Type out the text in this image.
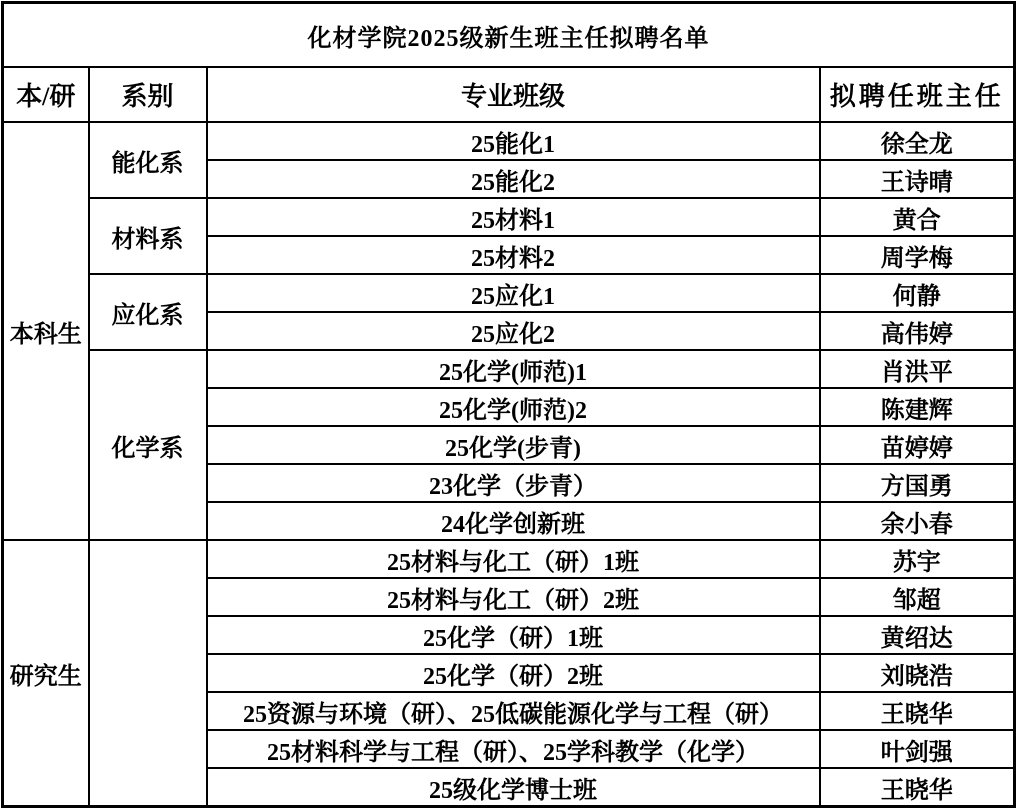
化材学院2025级新生班主任拟聘名单			
本/研	系别	专业班级	拟聘任班主任
本科生	能化系	25能化1	徐全龙
		25能化2	王诗晴
	材料系	25材料1	黄合
		25材料2	周学梅
	应化系	25应化1	何静
		25应化2	高伟婷
	化学系	25化学(师范)1	肖洪平
		25化学(师范)2	陈建辉
		25化学(步青)	苗婷婷
		23化学（步青）	方国勇
		24化学创新班	余小春
研究生		25材料与化工（研）1班	苏宇
		25材料与化工（研）2班	邹超
		25化学（研）1班	黄绍达
		25化学（研）2班	刘晓浩
		25资源与环境（研）、25低碳能源化学与工程（研）	王晓华
		25材料科学与工程（研）、25学科教学（化学）	叶剑强
		25级化学博士班	王晓华
